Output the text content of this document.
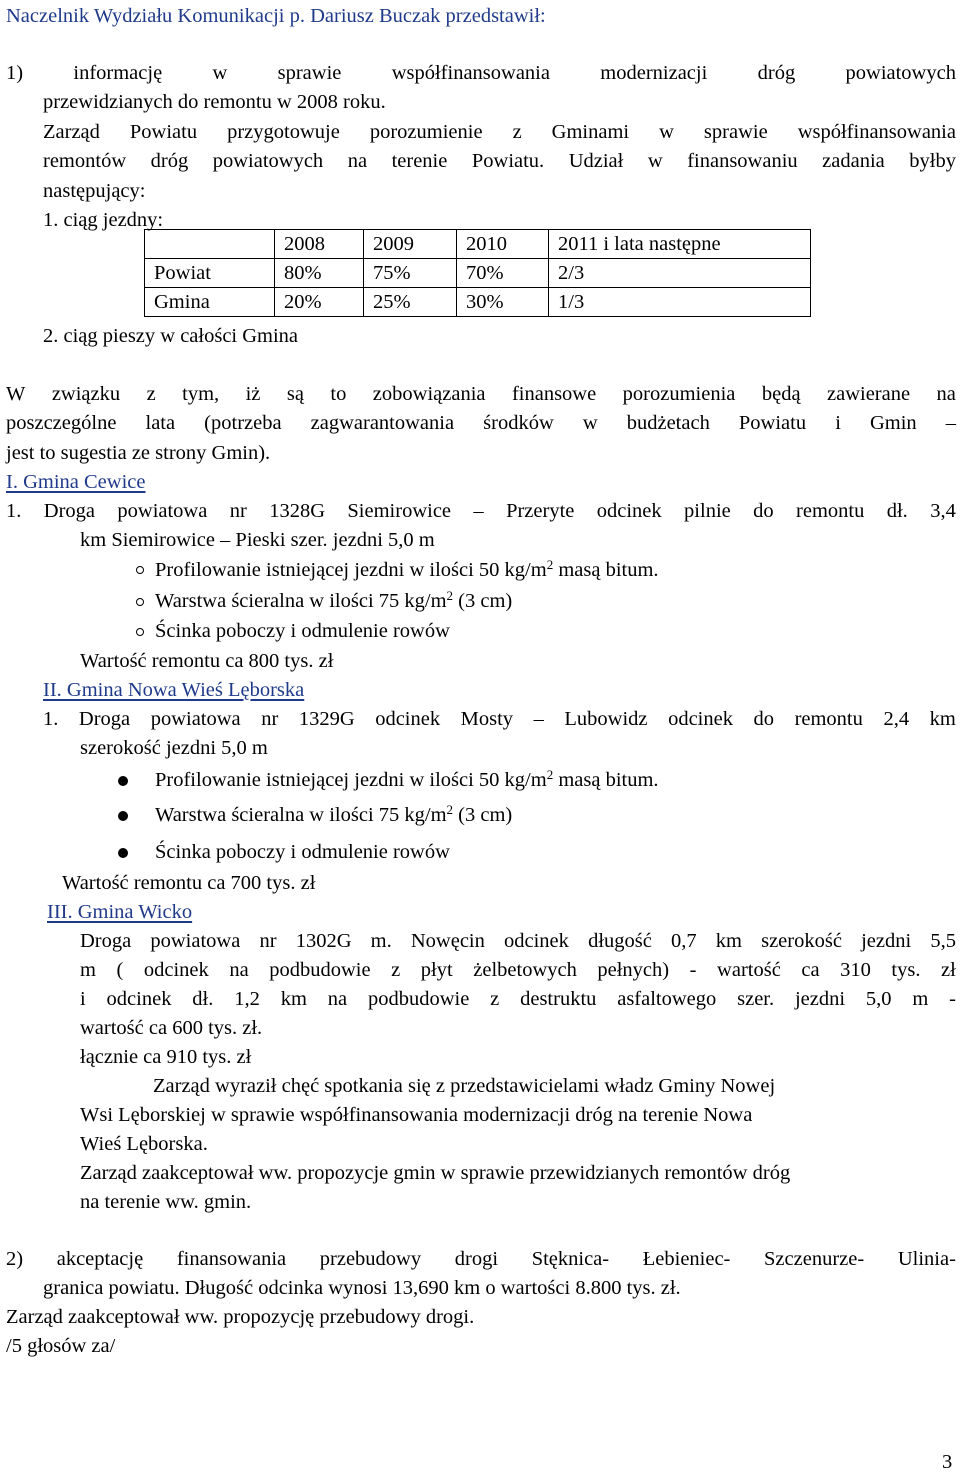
Naczelnik Wydziału Komunikacji p. Dariusz Buczak przedstawił:
1) informację w sprawie współfinansowania modernizacji dróg powiatowych
przewidzianych do remontu w 2008 roku.
Zarząd Powiatu przygotowuje porozumienie z Gminami w sprawie współfinansowania
remontów dróg powiatowych na terenie Powiatu. Udział w finansowaniu zadania byłby
następujący:
1. ciąg jezdny:
	2008	2009	2010	2011 i lata następne
Powiat	80%	75%	70%	2/3
Gmina	20%	25%	30%	1/3
2. ciąg pieszy w całości Gmina
W związku z tym, iż są to zobowiązania finansowe porozumienia będą zawierane na
poszczególne lata (potrzeba zagwarantowania środków w budżetach Powiatu i Gmin –
jest to sugestia ze strony Gmin).
I. Gmina Cewice
1. Droga powiatowa nr 1328G Siemirowice – Przeryte odcinek pilnie do remontu dł. 3,4
km Siemirowice – Pieski szer. jezdni 5,0 m
Profilowanie istniejącej jezdni w ilości 50 $kg/m^2$ masą bitum.
Warstwa ścieralna w ilości 75 $kg/m^2$ (3 cm)
Ścinka poboczy i odmulenie rowów
Wartość remontu ca 800 tys. zł
II. Gmina Nowa Wieś Lęborska
1. Droga powiatowa nr 1329G odcinek Mosty – Lubowidz odcinek do remontu 2,4 km
szerokość jezdni 5,0 m
Profilowanie istniejącej jezdni w ilości 50 $kg/m^2$ masą bitum.
Warstwa ścieralna w ilości 75 $kg/m^2$ (3 cm)
Ścinka poboczy i odmulenie rowów
Wartość remontu ca 700 tys. zł
III. Gmina Wicko
Droga powiatowa nr 1302G m. Nowęcin odcinek długość 0,7 km szerokość jezdni 5,5
m ( odcinek na podbudowie z płyt żelbetowych pełnych) - wartość ca 310 tys. zł
i odcinek dł. 1,2 km na podbudowie z destruktu asfaltowego szer. jezdni 5,0 m -
wartość ca 600 tys. zł.
łącznie ca 910 tys. zł
Zarząd wyraził chęć spotkania się z przedstawicielami władz Gminy Nowej
Wsi Lęborskiej w sprawie współfinansowania modernizacji dróg na terenie Nowa
Wieś Lęborska.
Zarząd zaakceptował ww. propozycje gmin w sprawie przewidzianych remontów dróg
na terenie ww. gmin.
2) akceptację finansowania przebudowy drogi Stęknica- Łebieniec- Szczenurze- Ulinia-
granica powiatu. Długość odcinka wynosi 13,690 km o wartości 8.800 tys. zł.
Zarząd zaakceptował ww. propozycję przebudowy drogi.
/5 głosów za/
3
